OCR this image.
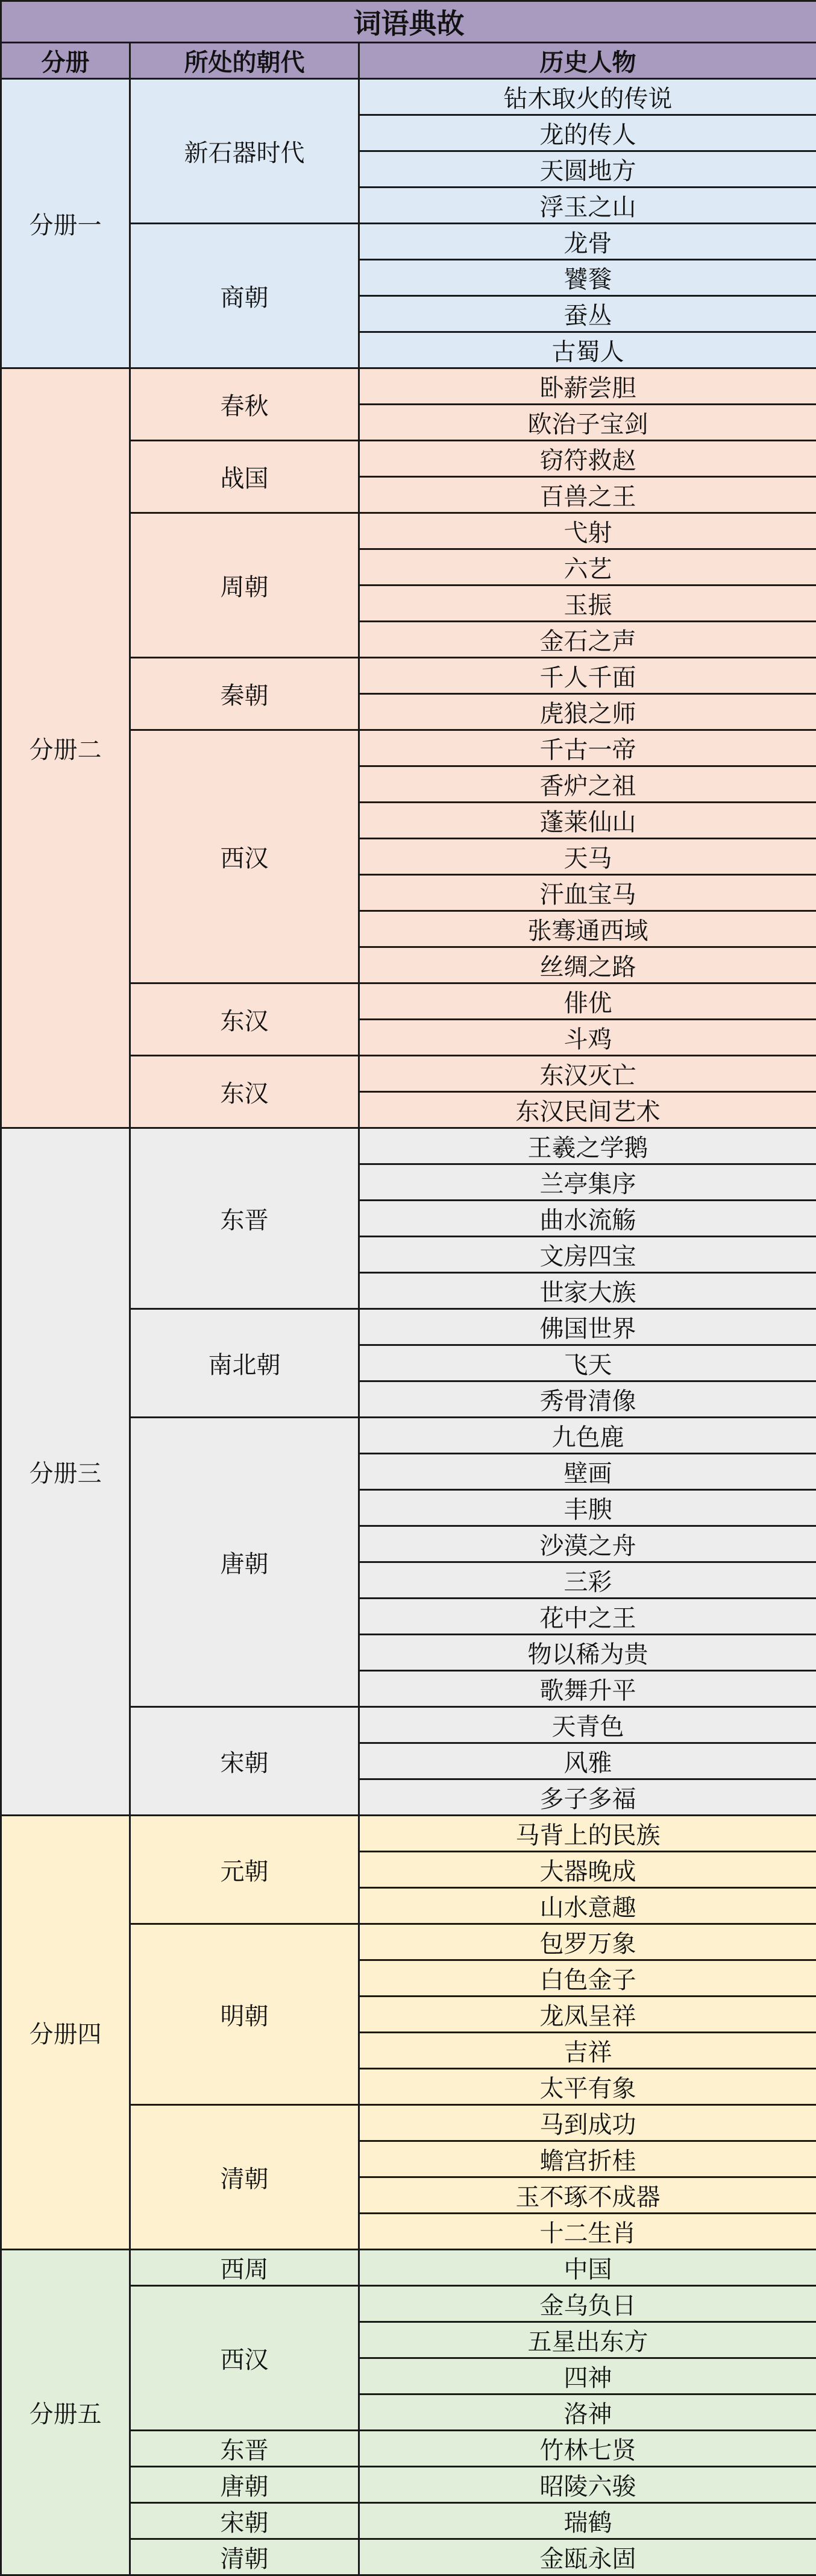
词语典故		
分册	所处的朝代	历史人物
分册一	新石器时代	钻木取火的传说
		龙的传人
		天圆地方
		浮玉之山
	商朝	龙骨
		饕餮
		蚕丛
		古蜀人
分册二	春秋	卧薪尝胆
		欧治子宝剑
	战国	窃符救赵
		百兽之王
	周朝	弋射
		六艺
		玉振
		金石之声
	秦朝	千人千面
		虎狼之师
	西汉	千古一帝
		香炉之祖
		蓬莱仙山
		天马
		汗血宝马
		张骞通西域
		丝绸之路
	东汉	俳优
		斗鸡
	东汉	东汉灭亡
		东汉民间艺术
分册三	东晋	王羲之学鹅
		兰亭集序
		曲水流觞
		文房四宝
		世家大族
	南北朝	佛国世界
		飞天
		秀骨清像
	唐朝	九色鹿
		壁画
		丰腴
		沙漠之舟
		三彩
		花中之王
		物以稀为贵
		歌舞升平
	宋朝	天青色
		风雅
		多子多福
分册四	元朝	马背上的民族
		大器晚成
		山水意趣
	明朝	包罗万象
		白色金子
		龙凤呈祥
		吉祥
		太平有象
	清朝	马到成功
		蟾宫折桂
		玉不琢不成器
		十二生肖
分册五	西周	中国
	西汉	金乌负日
		五星出东方
		四神
		洛神
	东晋	竹林七贤
	唐朝	昭陵六骏
	宋朝	瑞鹤
	清朝	金瓯永固
